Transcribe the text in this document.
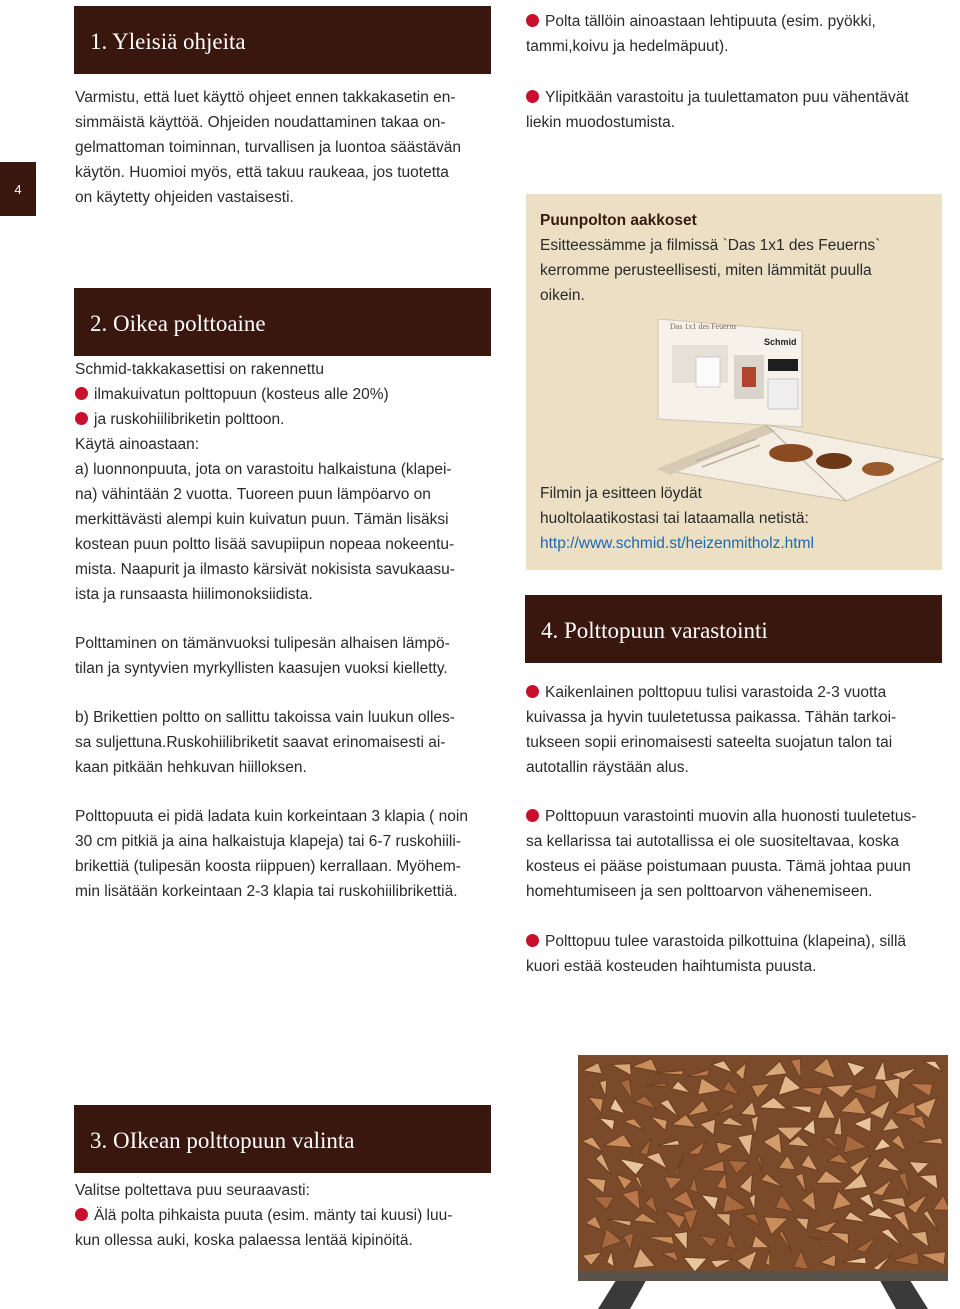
4
1. Yleisiä ohjeita
Varmistu, että luet käyttö ohjeet ennen takkakasetin en-
simmäistä käyttöä. Ohjeiden noudattaminen takaa on-
gelmattoman toiminnan, turvallisen ja luontoa säästävän
käytön. Huomioi myös, että takuu raukeaa, jos tuotetta
on käytetty ohjeiden vastaisesti.
2. Oikea polttoaine
Schmid-takkakasettisi on rakennettu
ilmakuivatun polttopuun (kosteus alle 20%)
ja ruskohiilibriketin polttoon.
Käytä ainoastaan:
a) luonnonpuuta, jota on varastoitu halkaistuna (klapei-
na) vähintään 2 vuotta. Tuoreen puun lämpöarvo on
merkittävästi alempi kuin kuivatun puun. Tämän lisäksi
kostean puun poltto lisää savupiipun nopeaa nokeentu-
mista. Naapurit ja ilmasto kärsivät nokisista savukaasu-
ista ja runsaasta hiilimonoksiidista.
Polttaminen on tämänvuoksi tulipesän alhaisen lämpö-
tilan ja syntyvien myrkyllisten kaasujen vuoksi kielletty.
b) Brikettien poltto on sallittu takoissa vain luukun olles-
sa suljettuna.Ruskohiilibriketit saavat erinomaisesti ai-
kaan pitkään hehkuvan hiilloksen.
Polttopuuta ei pidä ladata kuin korkeintaan 3 klapia ( noin
30 cm pitkiä ja aina halkaistuja klapeja) tai 6-7 ruskohiili-
brikettiä (tulipesän koosta riippuen) kerrallaan. Myöhem-
min lisätään korkeintaan 2-3 klapia tai ruskohiilibrikettiä.
3. OIkean polttopuun valinta
Valitse poltettava puu seuraavasti:
Älä polta pihkaista puuta (esim. mänty tai kuusi) luu-
kun ollessa auki, koska palaessa lentää kipinöitä.
Polta tällöin ainoastaan lehtipuuta (esim. pyökki,
tammi,koivu ja hedelmäpuut).
Ylipitkään varastoitu ja tuulettamaton puu vähentävät
liekin muodostumista.
Puunpolton aakkoset
Esitteessämme ja filmissä `Das 1x1 des Feuerns`
kerromme perusteellisesti, miten lämmität puulla
oikein.
Das 1x1 des Feuerns
Schmid
Filmin ja esitteen löydät
huoltolaatikostasi tai lataamalla netistä:
http://www.schmid.st/heizenmitholz.html
4. Polttopuun varastointi
Kaikenlainen polttopuu tulisi varastoida 2-3 vuotta
kuivassa ja hyvin tuuletetussa paikassa. Tähän tarkoi-
tukseen sopii erinomaisesti sateelta suojatun talon tai
autotallin räystään alus.
Polttopuun varastointi muovin alla huonosti tuuletetus-
sa kellarissa tai autotallissa ei ole suositeltavaa, koska
kosteus ei pääse poistumaan puusta. Tämä johtaa puun
homehtumiseen ja sen polttoarvon vähenemiseen.
Polttopuu tulee varastoida pilkottuina (klapeina), sillä
kuori estää kosteuden haihtumista puusta.
